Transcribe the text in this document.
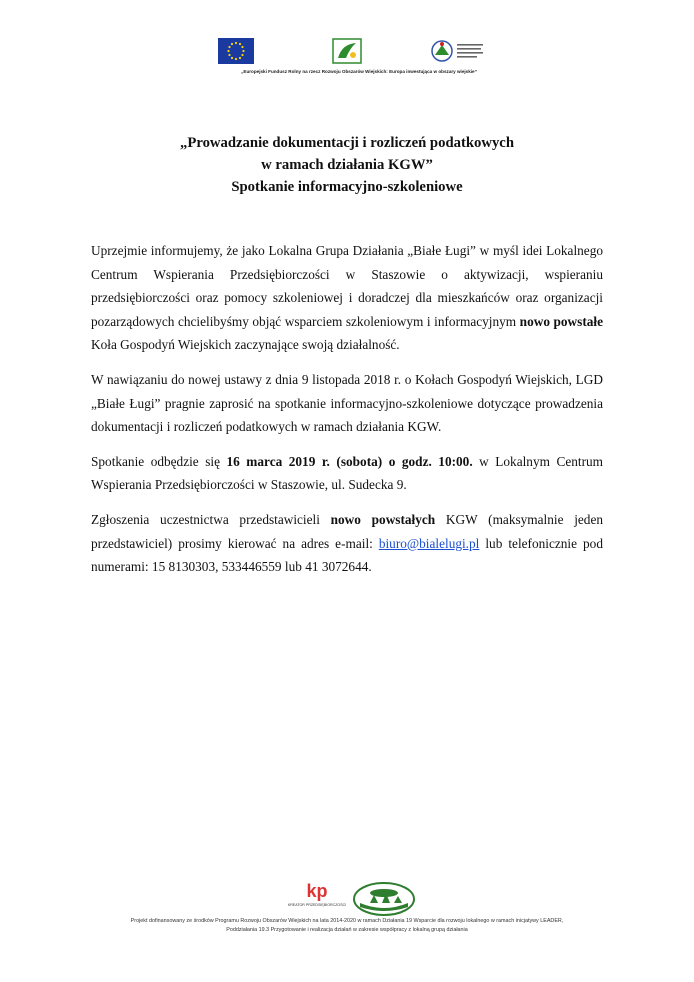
„Europejski Fundusz Rolny na rzecz Rozwoju Obszarów Wiejskich: Europa inwestująca w obszary wiejskie”
„Prowadzanie dokumentacji i rozliczeń podatkowych
w ramach działania KGW”
Spotkanie informacyjno-szkoleniowe

Uprzejmie informujemy, że jako Lokalna Grupa Działania „Białe Ługi” w myśl idei Lokalnego Centrum Wspierania Przedsiębiorczości w Staszowie o aktywizacji, wspieraniu przedsiębiorczości oraz pomocy szkoleniowej i doradczej dla mieszkańców oraz organizacji pozarządowych chcielibyśmy objąć wsparciem szkoleniowym i informacyjnym nowo powstałe Koła Gospodyń Wiejskich zaczynające swoją działalność.

W nawiązaniu do nowej ustawy z dnia 9 listopada 2018 r. o Kołach Gospodyń Wiejskich, LGD „Białe Ługi” pragnie zaprosić na spotkanie informacyjno-szkoleniowe dotyczące prowadzenia dokumentacji i rozliczeń podatkowych w ramach działania KGW.

Spotkanie odbędzie się 16 marca 2019 r. (sobota) o godz. 10:00. w Lokalnym Centrum Wspierania Przedsiębiorczości w Staszowie, ul. Sudecka 9.

Zgłoszenia uczestnictwa przedstawicieli nowo powstałych KGW (maksymalnie jeden przedstawiciel) prosimy kierować na adres e-mail: biuro@bialelugi.pl lub telefonicznie pod numerami: 15 8130303, 533446559 lub 41 3072644.

kp
KREATOR PRZEDSIĘBIORCZOŚCI
Projekt dofinansowany ze środków Programu Rozwoju Obszarów Wiejskich na lata 2014-2020 w ramach Działania 19 Wsparcie dla rozwoju lokalnego w ramach inicjatywy LEADER,
Poddziałania 19.3 Przygotowanie i realizacja działań w zakresie współpracy z lokalną grupą działania
